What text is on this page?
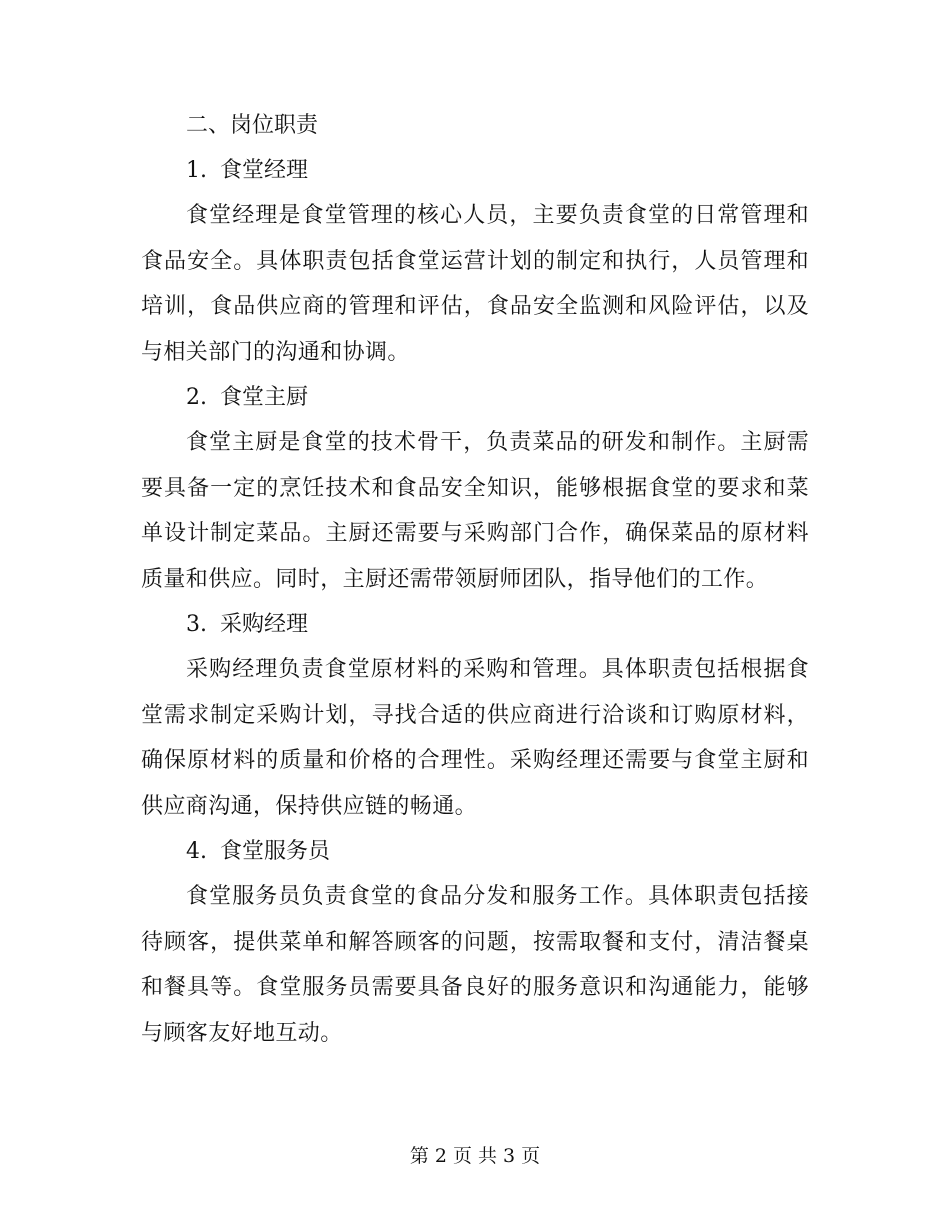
二、岗位职责
1. 食堂经理

食堂经理是食堂管理的核心人员，主要负责食堂的日常管理和食品安全。具体职责包括食堂运营计划的制定和执行，人员管理和培训，食品供应商的管理和评估，食品安全监测和风险评估，以及与相关部门的沟通和协调。

2. 食堂主厨

食堂主厨是食堂的技术骨干，负责菜品的研发和制作。主厨需要具备一定的烹饪技术和食品安全知识，能够根据食堂的要求和菜单设计制定菜品。主厨还需要与采购部门合作，确保菜品的原材料质量和供应。同时，主厨还需带领厨师团队，指导他们的工作。

3. 采购经理

采购经理负责食堂原材料的采购和管理。具体职责包括根据食堂需求制定采购计划，寻找合适的供应商进行洽谈和订购原材料，确保原材料的质量和价格的合理性。采购经理还需要与食堂主厨和供应商沟通，保持供应链的畅通。

4. 食堂服务员

食堂服务员负责食堂的食品分发和服务工作。具体职责包括接待顾客，提供菜单和解答顾客的问题，按需取餐和支付，清洁餐桌和餐具等。食堂服务员需要具备良好的服务意识和沟通能力，能够与顾客友好地互动。

第 2 页 共 3 页
